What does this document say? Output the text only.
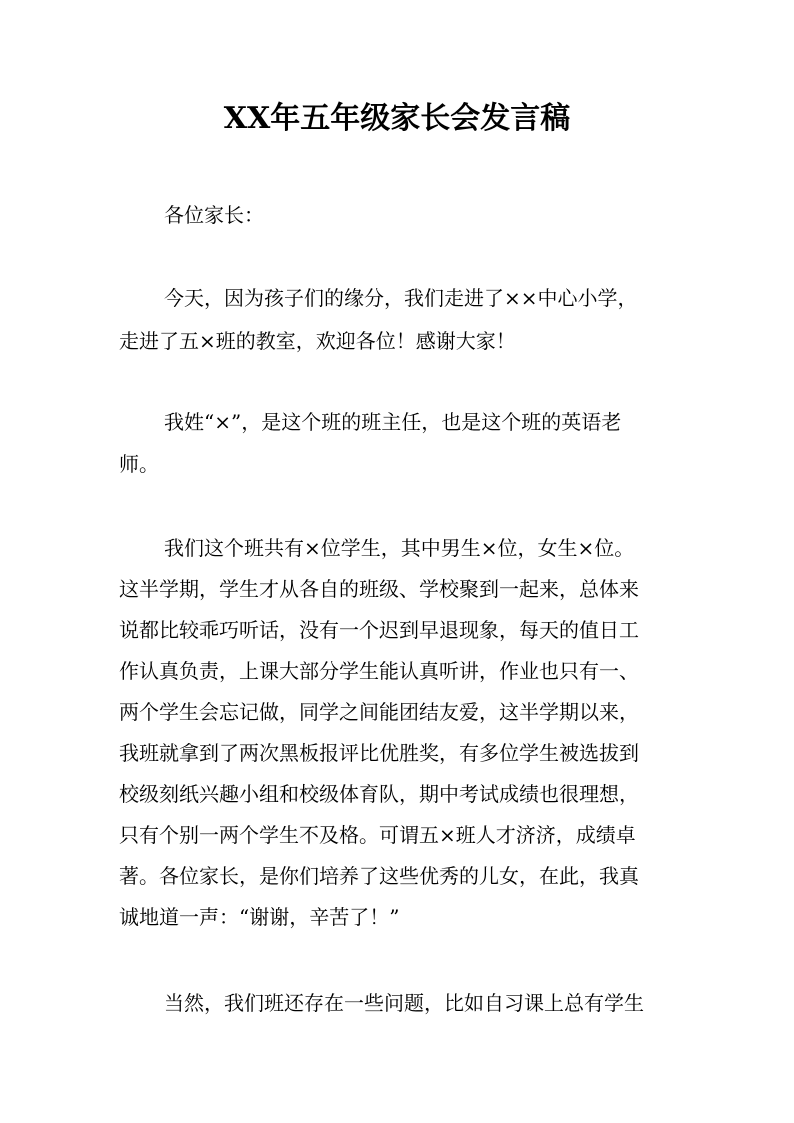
XX年五年级家长会发言稿
各位家长：
今天，因为孩子们的缘分，我们走进了××中心小学，
走进了五×班的教室，欢迎各位！感谢大家！
我姓“×”，是这个班的班主任，也是这个班的英语老
师。
我们这个班共有×位学生，其中男生×位，女生×位。
这半学期，学生才从各自的班级、学校聚到一起来，总体来
说都比较乖巧听话，没有一个迟到早退现象，每天的值日工
作认真负责，上课大部分学生能认真听讲，作业也只有一、
两个学生会忘记做，同学之间能团结友爱，这半学期以来，
我班就拿到了两次黑板报评比优胜奖，有多位学生被选拔到
校级刻纸兴趣小组和校级体育队，期中考试成绩也很理想，
只有个别一两个学生不及格。可谓五×班人才济济，成绩卓
著。各位家长，是你们培养了这些优秀的儿女，在此，我真
诚地道一声：“谢谢，辛苦了！”
当然，我们班还存在一些问题，比如自习课上总有学生
